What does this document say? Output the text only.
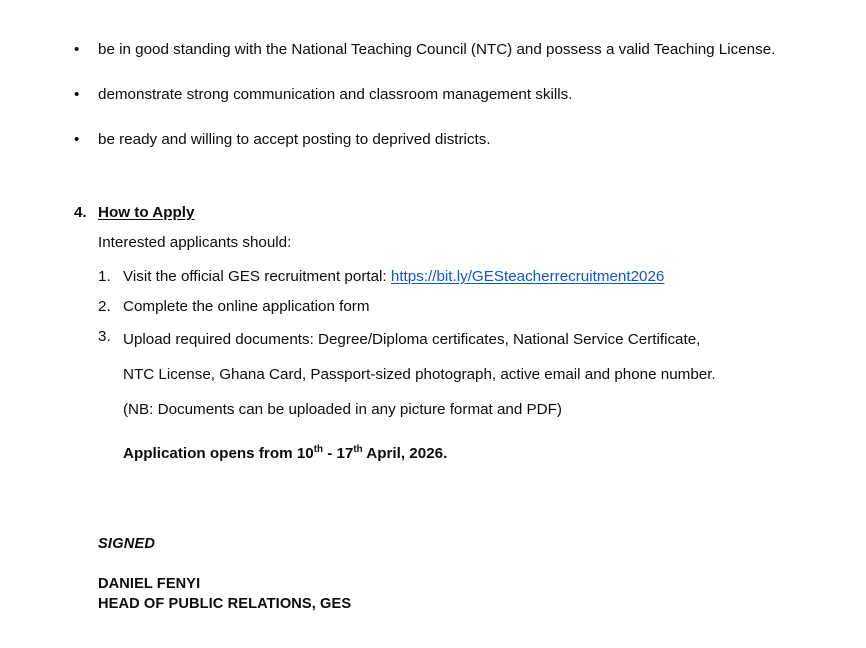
• be in good standing with the National Teaching Council (NTC) and possess a valid Teaching License.
• demonstrate strong communication and classroom management skills.
• be ready and willing to accept posting to deprived districts.
4. How to Apply
Interested applicants should:
1. Visit the official GES recruitment portal: https://bit.ly/GESteacherrecruitment2026
2. Complete the online application form
3. Upload required documents: Degree/Diploma certificates, National Service Certificate,
NTC License, Ghana Card, Passport-sized photograph, active email and phone number.
(NB: Documents can be uploaded in any picture format and PDF)
Application opens from 10th - 17th April, 2026.
SIGNED
DANIEL FENYI
HEAD OF PUBLIC RELATIONS, GES
